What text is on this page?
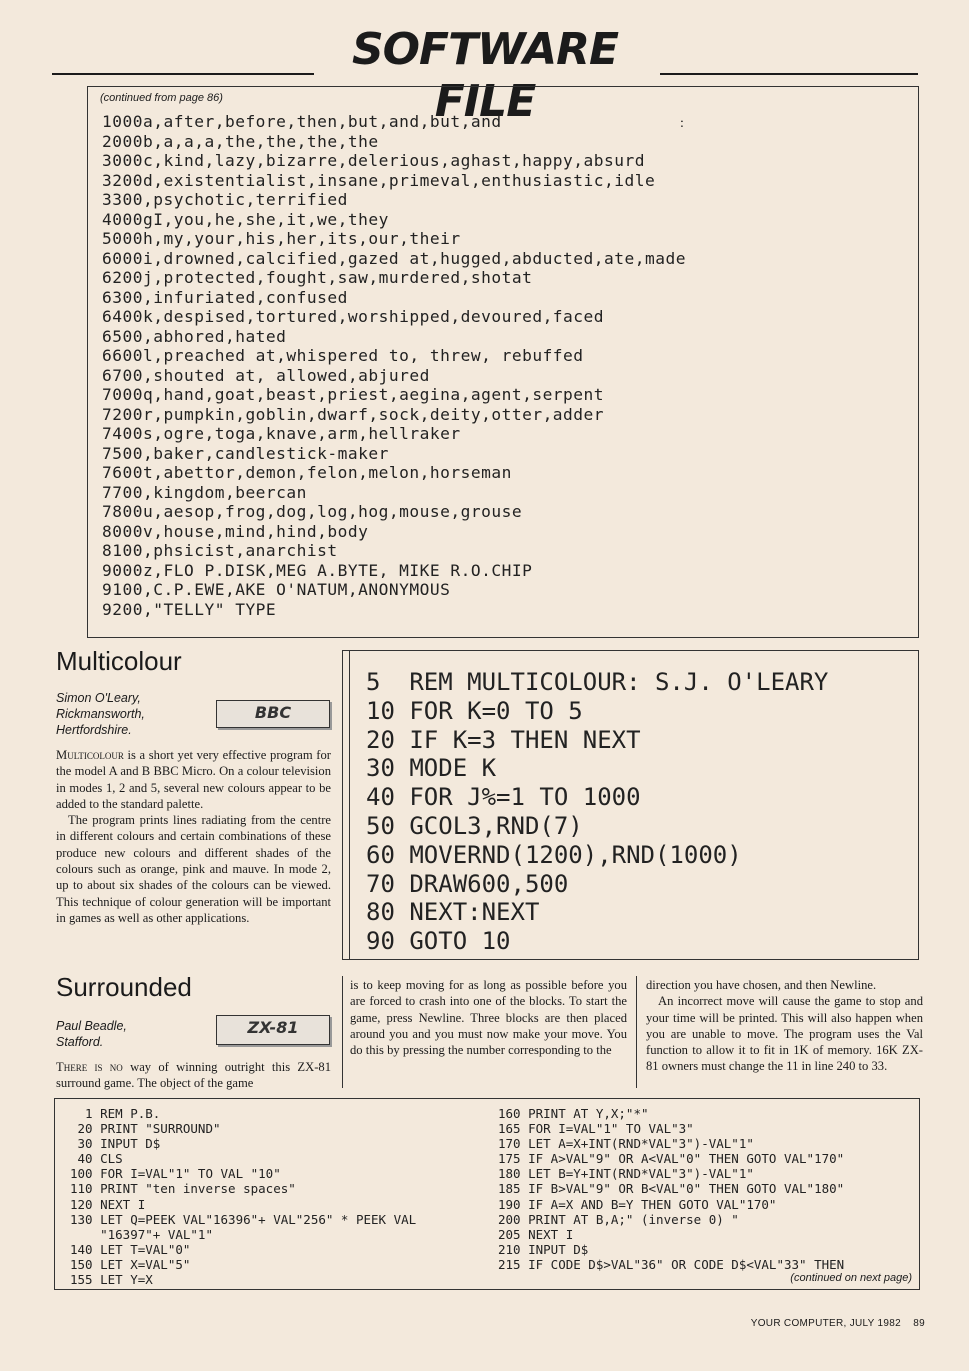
SOFTWARE FILE
(continued from page 86)
:
1000a,after,before,then,but,and,but,and
2000b,a,a,a,the,the,the,the
3000c,kind,lazy,bizarre,delerious,aghast,happy,absurd
3200d,existentialist,insane,primeval,enthusiastic,idle
3300,psychotic,terrified
4000gI,you,he,she,it,we,they
5000h,my,your,his,her,its,our,their
6000i,drowned,calcified,gazed at,hugged,abducted,ate,made
6200j,protected,fought,saw,murdered,shotat
6300,infuriated,confused
6400k,despised,tortured,worshipped,devoured,faced
6500,abhored,hated
6600l,preached at,whispered to, threw, rebuffed
6700,shouted at, allowed,abjured
7000q,hand,goat,beast,priest,aegina,agent,serpent
7200r,pumpkin,goblin,dwarf,sock,deity,otter,adder
7400s,ogre,toga,knave,arm,hellraker
7500,baker,candlestick-maker
7600t,abettor,demon,felon,melon,horseman
7700,kingdom,beercan
7800u,aesop,frog,dog,log,hog,mouse,grouse
8000v,house,mind,hind,body
8100,phsicist,anarchist
9000z,FLO P.DISK,MEG A.BYTE, MIKE R.O.CHIP
9100,C.P.EWE,AKE O'NATUM,ANONYMOUS
9200,"TELLY" TYPE
Multicolour
Simon O'Leary,
Rickmansworth,
Hertfordshire.
BBC

Multicolour is a short yet very effective program for the model A and B BBC Micro. On a colour television in modes 1, 2 and 5, several new colours appear to be added to the standard palette.

The program prints lines radiating from the centre in different colours and certain combinations of these produce new colours and different shades of the colours such as orange, pink and mauve. In mode 2, up to about six shades of the colours can be viewed. This technique of colour generation will be important in games as well as other applications.

5  REM MULTICOLOUR: S.J. O'LEARY
10 FOR K=0 TO 5
20 IF K=3 THEN NEXT
30 MODE K
40 FOR J%=1 TO 1000
50 GCOL3,RND(7)
60 MOVERND(1200),RND(1000)
70 DRAW600,500
80 NEXT:NEXT
90 GOTO 10
Surrounded
Paul Beadle,
Stafford.
ZX-81

There is no way of winning outright this ZX-81 surround game. The object of the game

is to keep moving for as long as possible before you are forced to crash into one of the blocks. To start the game, press Newline. Three blocks are then placed around you and you must now make your move. You do this by pressing the number corresponding to the

direction you have chosen, and then Newline.

An incorrect move will cause the game to stop and your time will be printed. This will also happen when you are unable to move. The program uses the Val function to allow it to fit in 1K of memory. 16K ZX-81 owners must change the 11 in line 240 to 33.

1 REM P.B.
20 PRINT "SURROUND"
30 INPUT D$
40 CLS
100 FOR I=VAL"1" TO VAL "10"
110 PRINT "ten inverse spaces"
120 NEXT I
130 LET Q=PEEK VAL"16396"+ VAL"256" * PEEK VAL
"16397"+ VAL"1"
140 LET T=VAL"0"
150 LET X=VAL"5"
155 LET Y=X
160 PRINT AT Y,X;"*"
165 FOR I=VAL"1" TO VAL"3"
170 LET A=X+INT(RND*VAL"3")-VAL"1"
175 IF A>VAL"9" OR A<VAL"0" THEN GOTO VAL"170"
180 LET B=Y+INT(RND*VAL"3")-VAL"1"
185 IF B>VAL"9" OR B<VAL"0" THEN GOTO VAL"180"
190 IF A=X AND B=Y THEN GOTO VAL"170"
200 PRINT AT B,A;" (inverse 0) "
205 NEXT I
210 INPUT D$
215 IF CODE D$>VAL"36" OR CODE D$<VAL"33" THEN
(continued on next page)
YOUR COMPUTER, JULY 1982    89
